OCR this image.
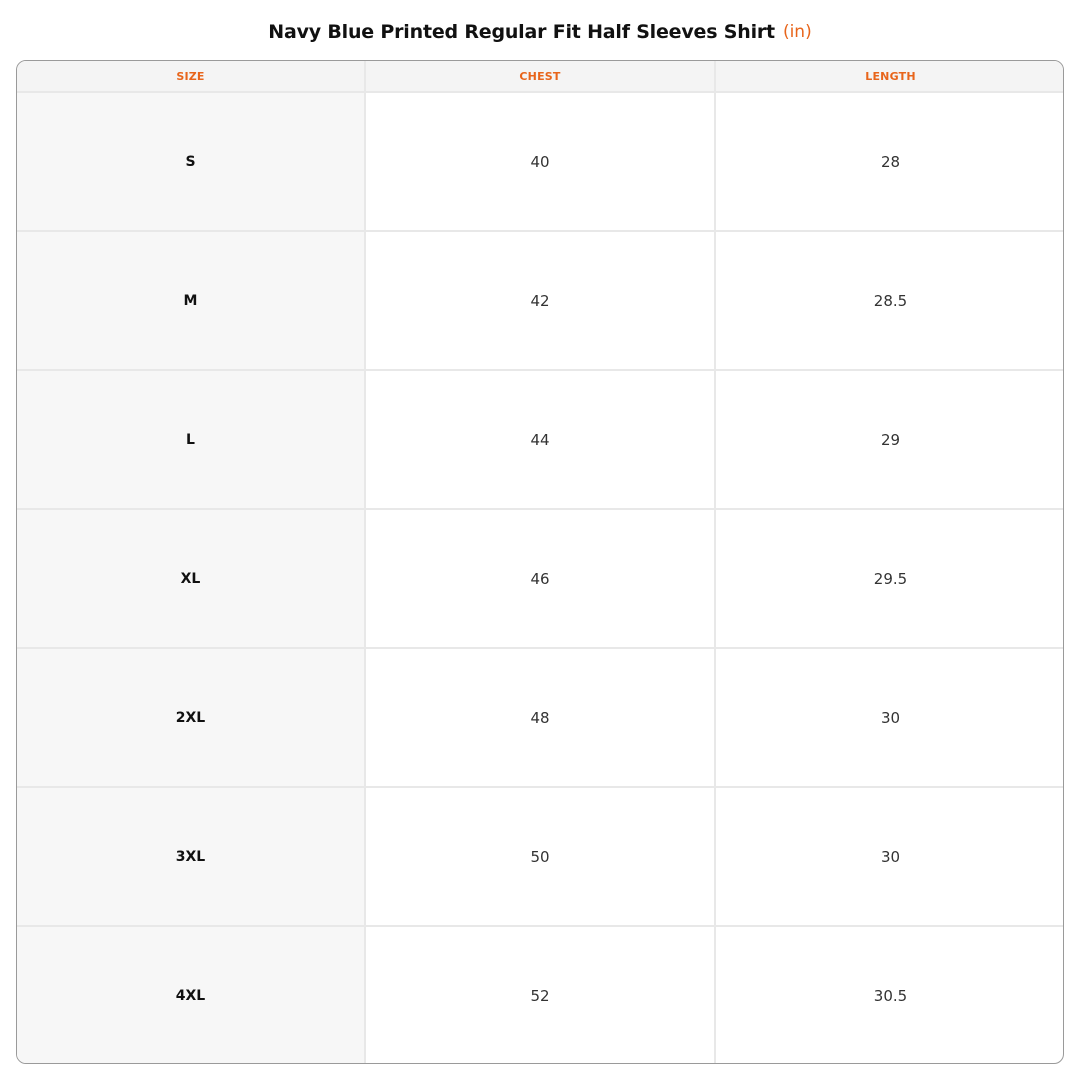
Navy Blue Printed Regular Fit Half Sleeves Shirt (in)
SIZE	CHEST	LENGTH
S	40	28
M	42	28.5
L	44	29
XL	46	29.5
2XL	48	30
3XL	50	30
4XL	52	30.5
